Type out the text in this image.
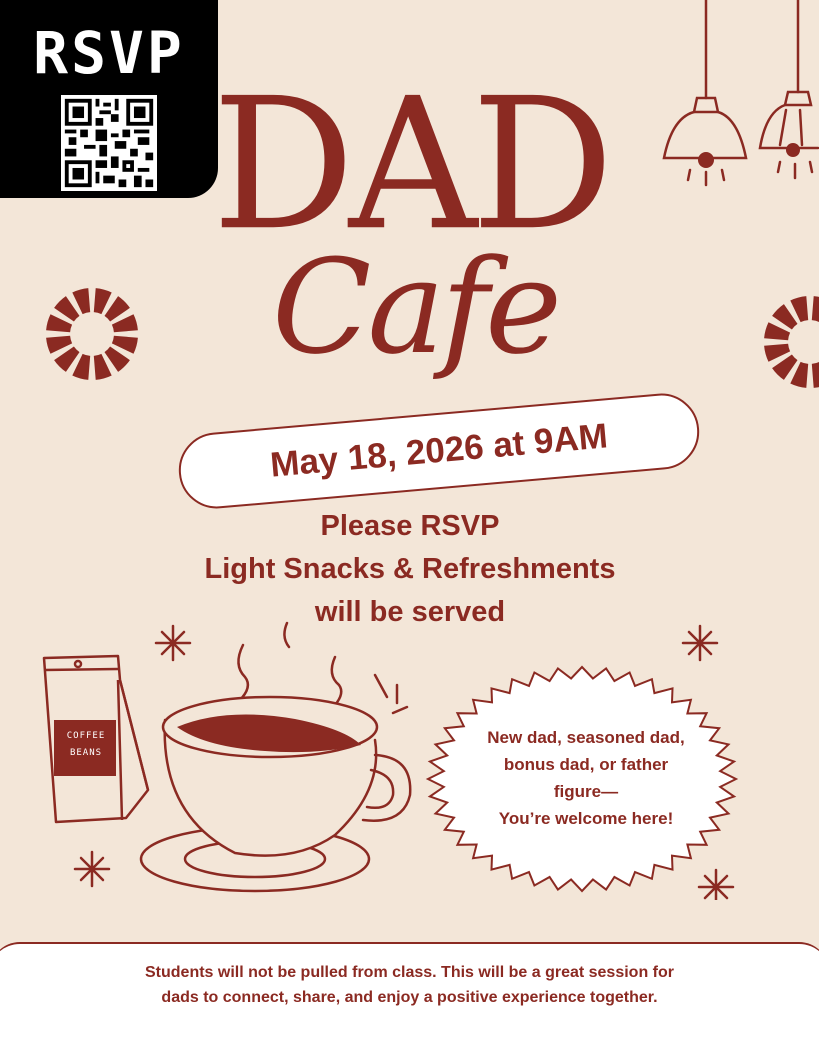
RSVP
DAD
Cafe
May 18, 2026 at 9AM
Please RSVP
Light Snacks & Refreshments
will be served
COFFEE
BEANS
New dad, seasoned dad,
bonus dad, or father
figure—
You’re welcome here!
Students will not be pulled from class. This will be a great session for
dads to connect, share, and enjoy a positive experience together.
